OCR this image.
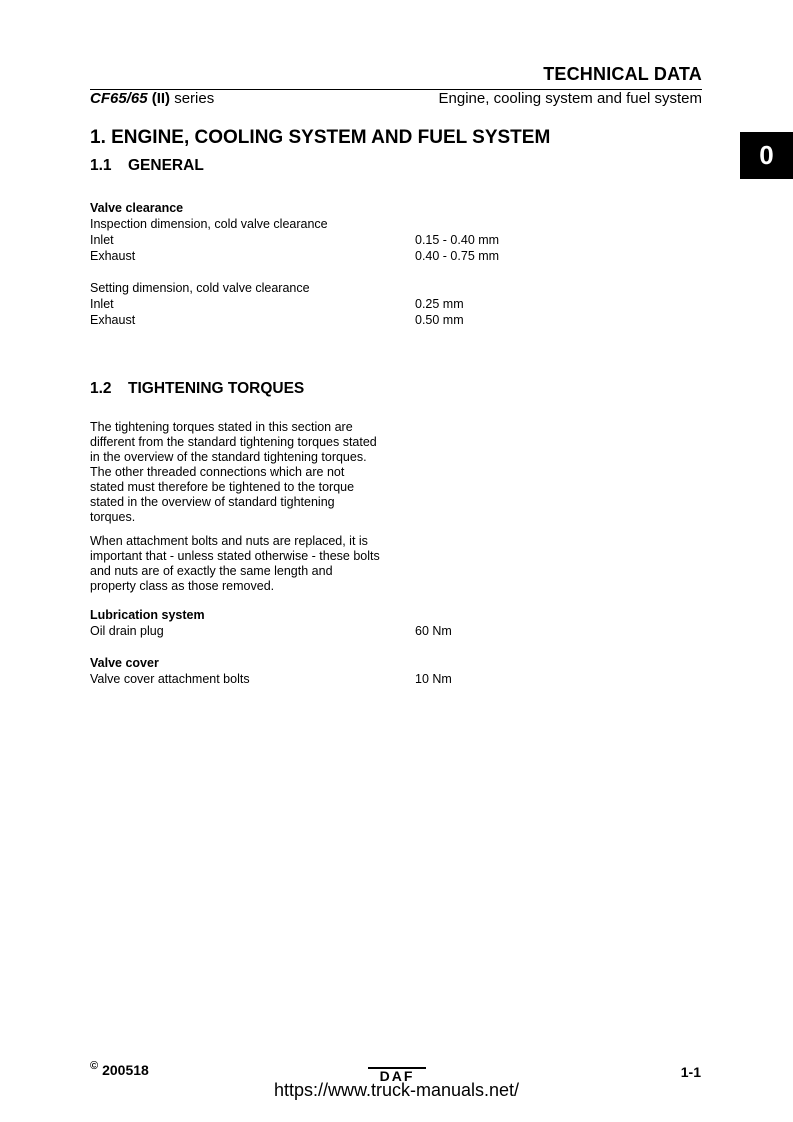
TECHNICAL DATA
CF65/65 (II) series	Engine, cooling system and fuel system
0
1. ENGINE, COOLING SYSTEM AND FUEL SYSTEM
1.1 GENERAL
Valve clearance
Inspection dimension, cold valve clearance
Inlet	0.15 - 0.40 mm
Exhaust	0.40 - 0.75 mm
Setting dimension, cold valve clearance
Inlet	0.25 mm
Exhaust	0.50 mm
1.2 TIGHTENING TORQUES

The tightening torques stated in this section are different from the standard tightening torques stated in the overview of the standard tightening torques. The other threaded connections which are not stated must therefore be tightened to the torque stated in the overview of standard tightening torques.

When attachment bolts and nuts are replaced, it is important that - unless stated otherwise - these bolts and nuts are of exactly the same length and property class as those removed.

Lubrication system
Oil drain plug	60 Nm
Valve cover
Valve cover attachment bolts	10 Nm
© 200518	DAF
https://www.truck-manuals.net/
1-1
